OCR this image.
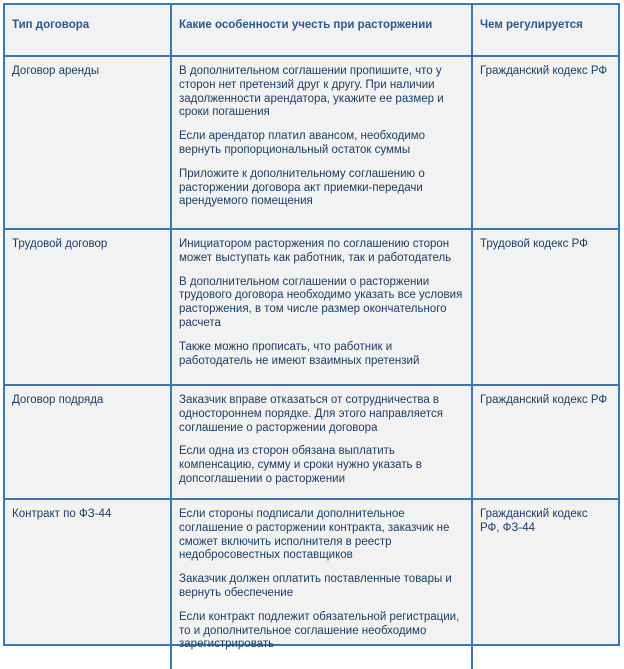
Тип договора	Какие особенности учесть при расторжении	Чем регулируется
Договор аренды	В дополнительном соглашении пропишите, что у сторон нет претензий друг к другу. При наличии задолженности арендатора, укажите ее размер и сроки погашения

Если арендатор платил авансом, необходимо вернуть пропорциональный остаток суммы

Приложите к дополнительному соглашению о расторжении договора акт приемки-передачи арендуемого помещения	Гражданский кодекс РФ
Трудовой договор	Инициатором расторжения по соглашению сторон может выступать как работник, так и работодатель

В дополнительном соглашении о расторжении трудового договора необходимо указать все условия расторжения, в том числе размер окончательного расчета

Также можно прописать, что работник и работодатель не имеют взаимных претензий	Трудовой кодекс РФ
Договор подряда	Заказчик вправе отказаться от сотрудничества в одностороннем порядке. Для этого направляется соглашение о расторжении договора

Если одна из сторон обязана выплатить компенсацию, сумму и сроки нужно указать в допсоглашении о расторжении	Гражданский кодекс РФ
Контракт по ФЗ-44	Если стороны подписали дополнительное соглашение о расторжении контракта, заказчик не сможет включить исполнителя в реестр недобросовестных поставщиков

Заказчик должен оплатить поставленные товары и вернуть обеспечение

Если контракт подлежит обязательной регистрации, то и дополнительное соглашение необходимо зарегистрировать	Гражданский кодекс РФ, ФЗ-44
